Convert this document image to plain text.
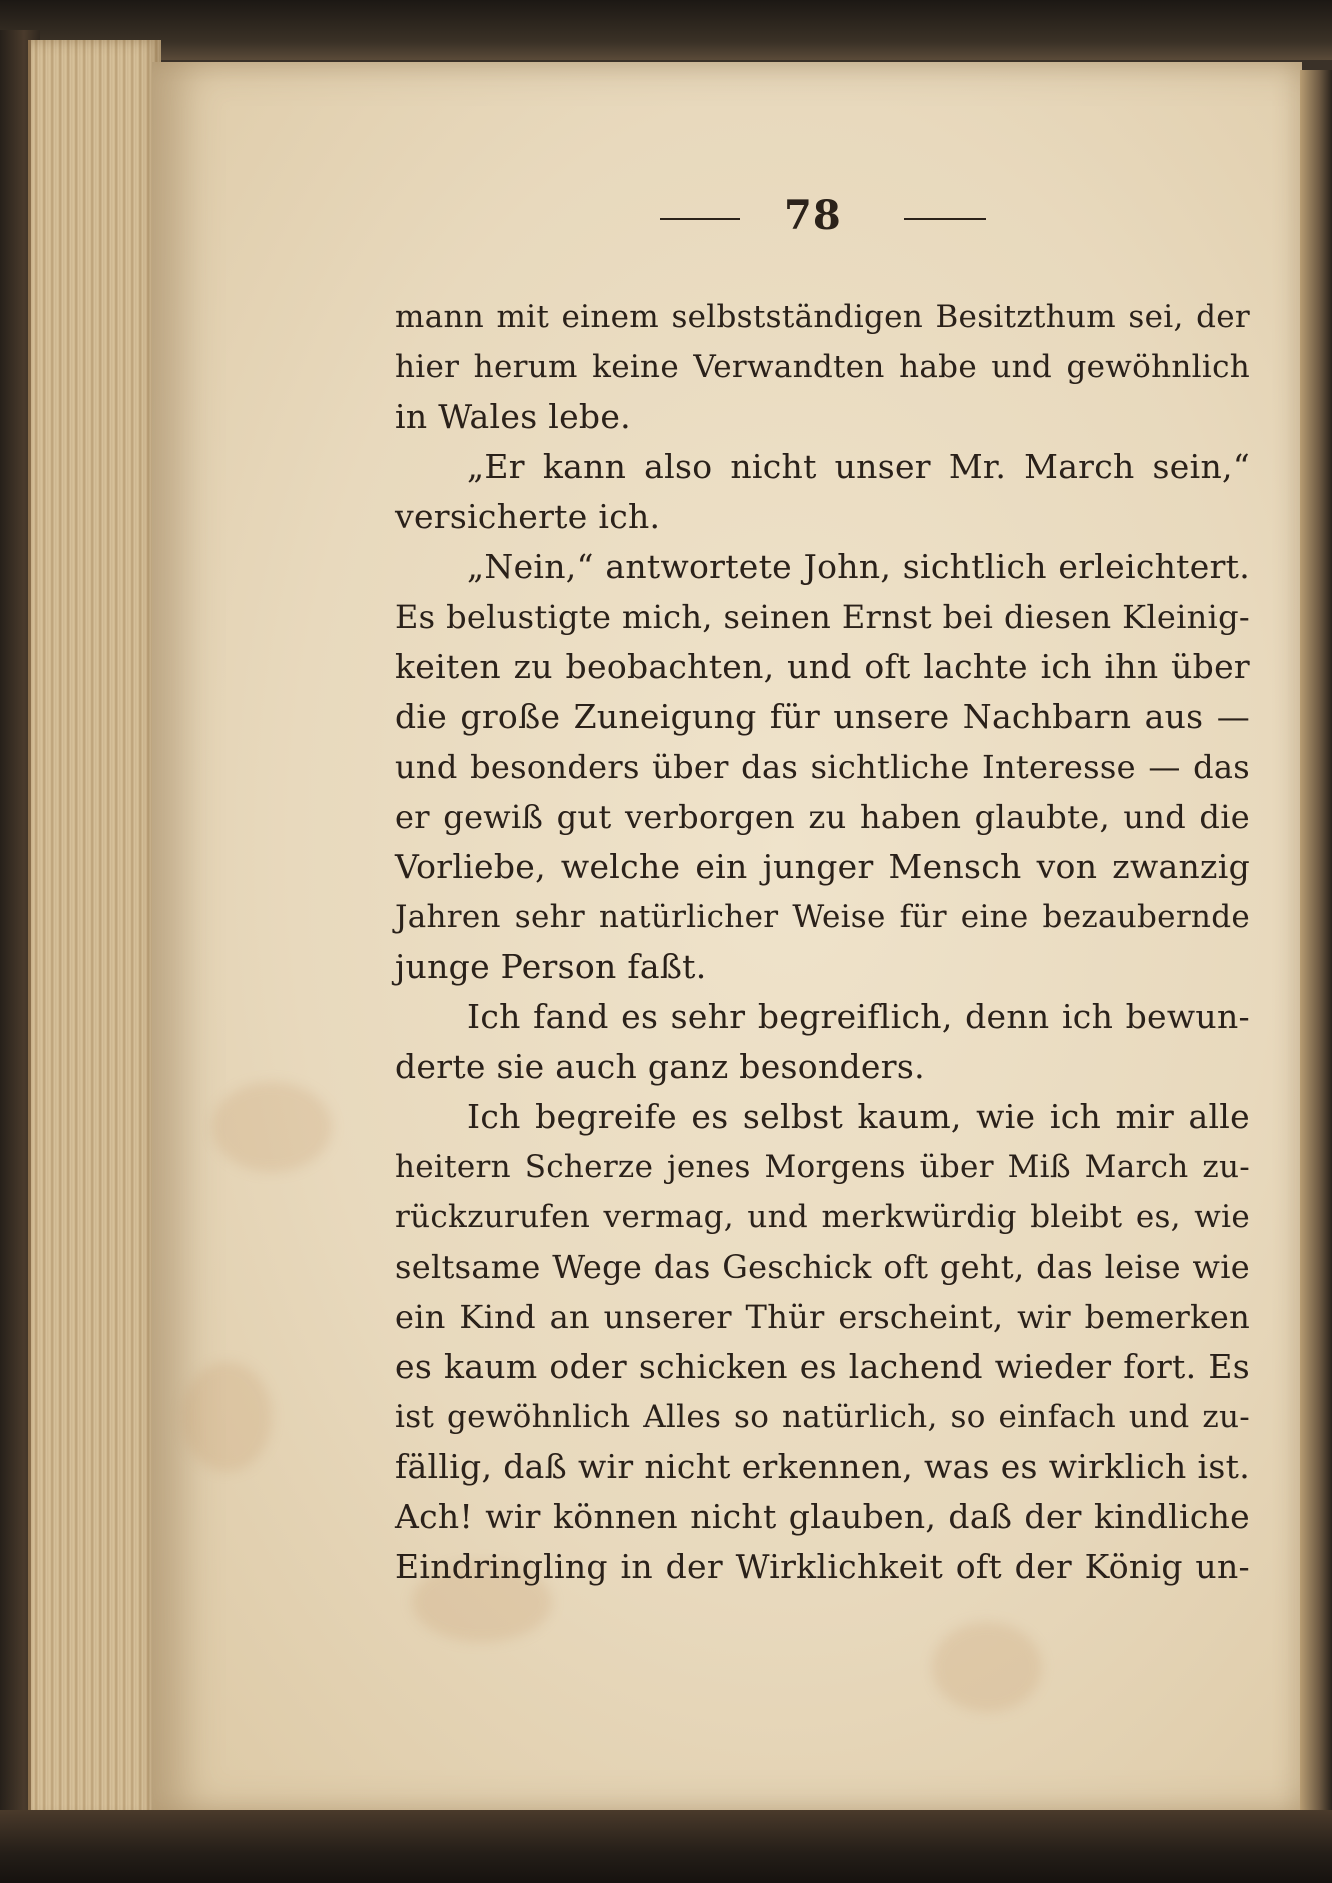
78
mann mit einem selbstständigen Besitzthum sei, der
hier herum keine Verwandten habe und gewöhnlich
in Wales lebe.
„Er kann also nicht unser Mr. March sein,“
versicherte ich.
„Nein,“ antwortete John, sichtlich erleichtert.
Es belustigte mich, seinen Ernst bei diesen Kleinig-
keiten zu beobachten, und oft lachte ich ihn über
die große Zuneigung für unsere Nachbarn aus —
und besonders über das sichtliche Interesse — das
er gewiß gut verborgen zu haben glaubte, und die
Vorliebe, welche ein junger Mensch von zwanzig
Jahren sehr natürlicher Weise für eine bezaubernde
junge Person faßt.
Ich fand es sehr begreiflich, denn ich bewun-
derte sie auch ganz besonders.
Ich begreife es selbst kaum, wie ich mir alle
heitern Scherze jenes Morgens über Miß March zu-
rückzurufen vermag, und merkwürdig bleibt es, wie
seltsame Wege das Geschick oft geht, das leise wie
ein Kind an unserer Thür erscheint, wir bemerken
es kaum oder schicken es lachend wieder fort. Es
ist gewöhnlich Alles so natürlich, so einfach und zu-
fällig, daß wir nicht erkennen, was es wirklich ist.
Ach! wir können nicht glauben, daß der kindliche
Eindringling in der Wirklichkeit oft der König un-
